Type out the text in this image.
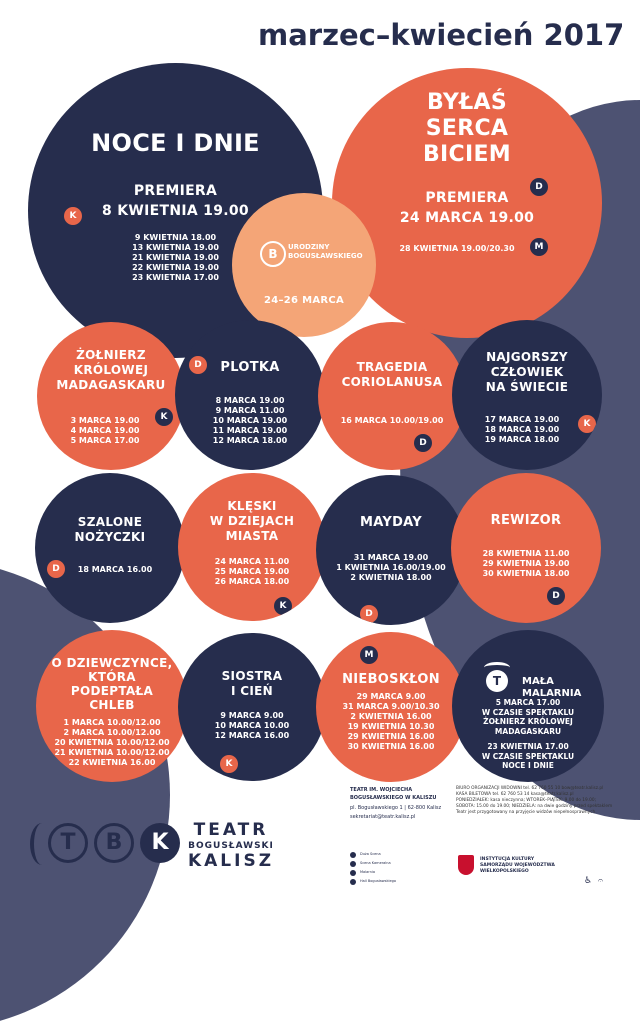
marzec–kwiecień 2017
NOCE I DNIE
PREMIERA
8 KWIETNIA 19.00
9 KWIETNIA 18.00
13 KWIETNIA 19.00
21 KWIETNIA 19.00
22 KWIETNIA 19.00
23 KWIETNIA 17.00
K
BYŁAŚ
SERCA
BICIEM
PREMIERA
24 MARCA 19.00
28 KWIETNIA 19.00/20.30
D
M
B	URODZINY
BOGUSŁAWSKIEGO
24–26 MARCA
ŻOŁNIERZ
KRÓLOWEJ
MADAGASKARU
3 MARCA 19.00
4 MARCA 19.00
5 MARCA 17.00
K
PLOTKA
8 MARCA 19.00
9 MARCA 11.00
10 MARCA 19.00
11 MARCA 19.00
12 MARCA 18.00
D	TRAGEDIA
CORIOLANUSA
16 MARCA 10.00/19.00
D
NAJGORSZY
CZŁOWIEK
NA ŚWIECIE
17 MARCA 19.00
18 MARCA 19.00
19 MARCA 18.00
K
SZALONE
NOŻYCZKI
18 MARCA 16.00
D
KLĘSKI
W DZIEJACH
MIASTA
24 MARCA 11.00
25 MARCA 19.00
26 MARCA 18.00
K
MAYDAY
31 MARCA 19.00
1 KWIETNIA 16.00/19.00
2 KWIETNIA 18.00
D
REWIZOR
28 KWIETNIA 11.00
29 KWIETNIA 19.00
30 KWIETNIA 18.00
D
O DZIEWCZYNCE,
KTÓRA
PODEPTAŁA
CHLEB
1 MARCA 10.00/12.00
2 MARCA 10.00/12.00
20 KWIETNIA 10.00/12.00
21 KWIETNIA 10.00/12.00
22 KWIETNIA 16.00
SIOSTRA
I CIEŃ
9 MARCA 9.00
10 MARCA 10.00
12 MARCA 16.00
K
NIEBOSKŁON
29 MARCA 9.00
31 MARCA 9.00/10.30
2 KWIETNIA 16.00
19 KWIETNIA 10.30
29 KWIETNIA 16.00
30 KWIETNIA 16.00
M
T	MAŁA
MALARNIA
5 MARCA 17.00
W CZASIE SPEKTAKLU
ŻOŁNIERZ KRÓLOWEJ
MADAGASKARU
23 KWIETNIA 17.00
W CZASIE SPEKTAKLU
NOCE I DNIE
T	B	K	TEATR
BOGUSŁAWSKI
KALISZ
TEATR IM. WOJCIECHA
BOGUSŁAWSKIEGO W KALISZU
pl. Bogusławskiego 1 | 62-800 Kalisz
sekretariat@teatr.kalisz.pl
Duża Scena
Scena Kameralna
Malarnia
Hall Bogusławskiego
BIURO ORGANIZACJI WIDOWNI tel. 62 760 55 10 bow@teatr.kalisz.pl
KASA BILETOWA tel. 62 760 53 14 kasa@teatr.kalisz.pl
PONIEDZIAŁEK: kasa nieczynna; WTOREK–PIĄTEK: 9.00 do 19.00;
SOBOTA: 15.00 do 19.00; NIEDZIELA: na dwie godziny przed spektaklem
Teatr jest przygotowany na przyjęcie widzów niepełnosprawnych.
INSTYTUCJA KULTURY
SAMORZĄDU WOJEWÓDZTWA
WIELKOPOLSKIEGO
♿ 𝄐
